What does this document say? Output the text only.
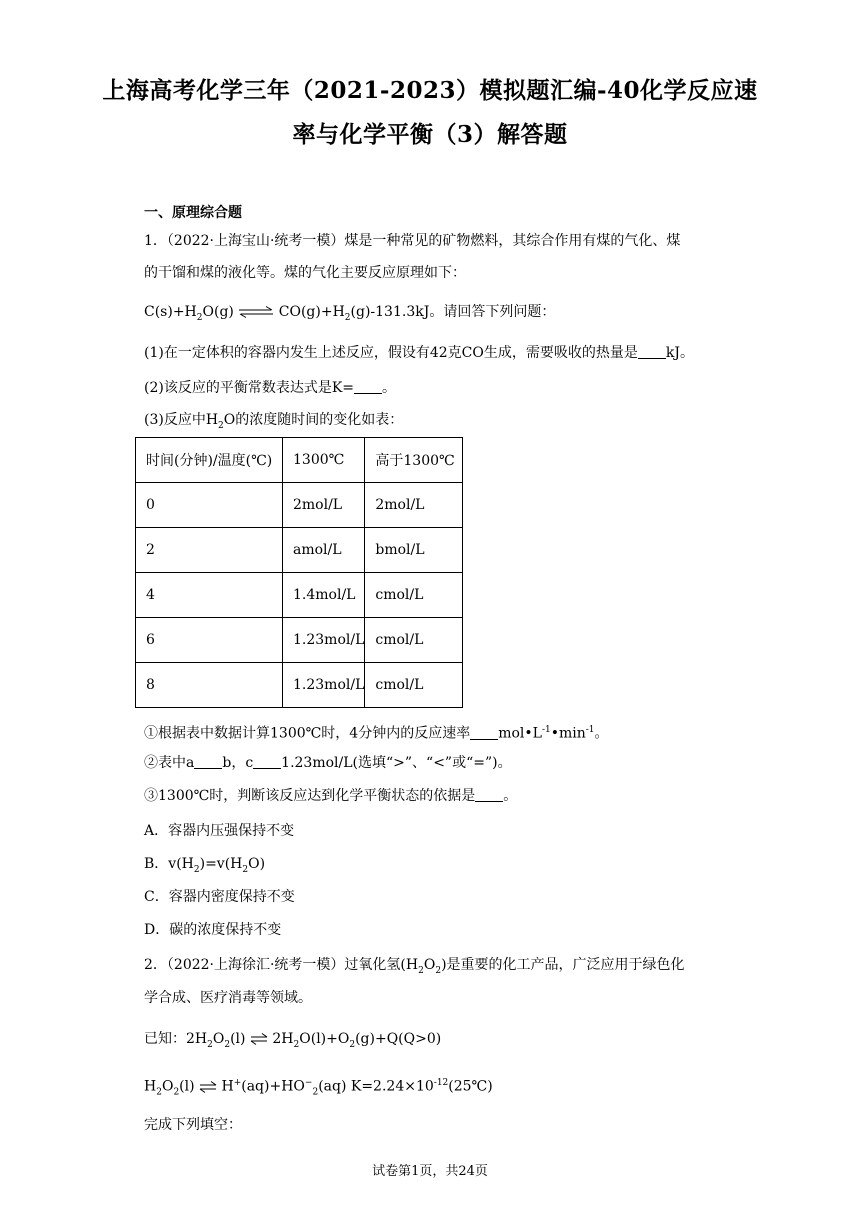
上海高考化学三年（2021-2023）模拟题汇编-40化学反应速
率与化学平衡（3）解答题
一、原理综合题
1．（2022·上海宝山·统考一模）煤是一种常见的矿物燃料，其综合作用有煤的气化、煤
的干馏和煤的液化等。煤的气化主要反应原理如下：
$C(s)+H_2O(g)$ ⇌ $CO(g)+H_2(g)-131.3kJ$。请回答下列问题：
(1)在一定体积的容器内发生上述反应，假设有42克CO生成，需要吸收的热量是 kJ。
(2)该反应的平衡常数表达式是K= 。
(3)反应中$H_2O$的浓度随时间的变化如表：
时间(分钟)/温度(℃)	1300℃	高于1300℃
0	2mol/L	2mol/L
2	amol/L	bmol/L
4	1.4mol/L	cmol/L
6	1.23mol/L	cmol/L
8	1.23mol/L	cmol/L
①根据表中数据计算1300℃时，4分钟内的反应速率 $mol•L^{-1}•\min^{-1}$。
②表中a b，c 1.23mol/L(选填“>”、“<”或“=”)。
③1300℃时，判断该反应达到化学平衡状态的依据是 。
A．容器内压强保持不变
B．$v(H_2)=v(H_2O)$
C．容器内密度保持不变
D．碳的浓度保持不变
2．（2022·上海徐汇·统考一模）过氧化氢$(H_2O_2)$是重要的化工产品，广泛应用于绿色化
学合成、医疗消毒等领域。
已知：$2H_2O_2(l)$ ⇌ $2H_2O(l)+O_2(g)+Q(Q>0)$
$H_2O_2(l)$ ⇌ $H^+(aq)+HO^-_2(aq)$ $K=2.24\times 10^{-12}(25℃)$
完成下列填空：
试卷第1页，共24页
